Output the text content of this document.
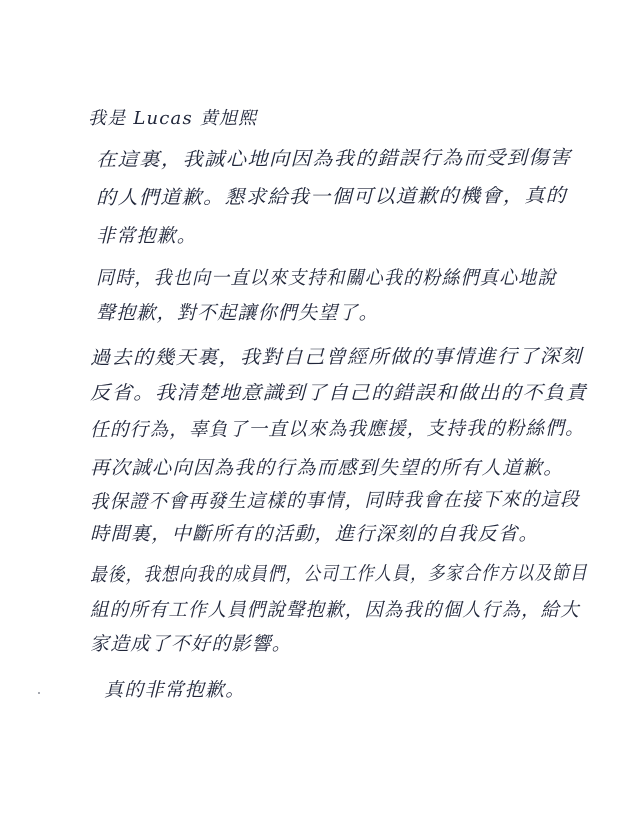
我是 Lucas 黄旭熙
在這裏，我誠心地向因為我的錯誤行為而受到傷害
的人們道歉。懇求給我一個可以道歉的機會，真的
非常抱歉。
同時，我也向一直以來支持和關心我的粉絲們真心地說
聲抱歉，對不起讓你們失望了。
過去的幾天裏，我對自己曾經所做的事情進行了深刻
反省。我清楚地意識到了自己的錯誤和做出的不負責
任的行為，辜負了一直以來為我應援，支持我的粉絲們。
再次誠心向因為我的行為而感到失望的所有人道歉。
我保證不會再發生這樣的事情，同時我會在接下來的這段
時間裏，中斷所有的活動，進行深刻的自我反省。
最後，我想向我的成員們，公司工作人員，多家合作方以及節目
組的所有工作人員們說聲抱歉，因為我的個人行為，給大
家造成了不好的影響。
真的非常抱歉。
